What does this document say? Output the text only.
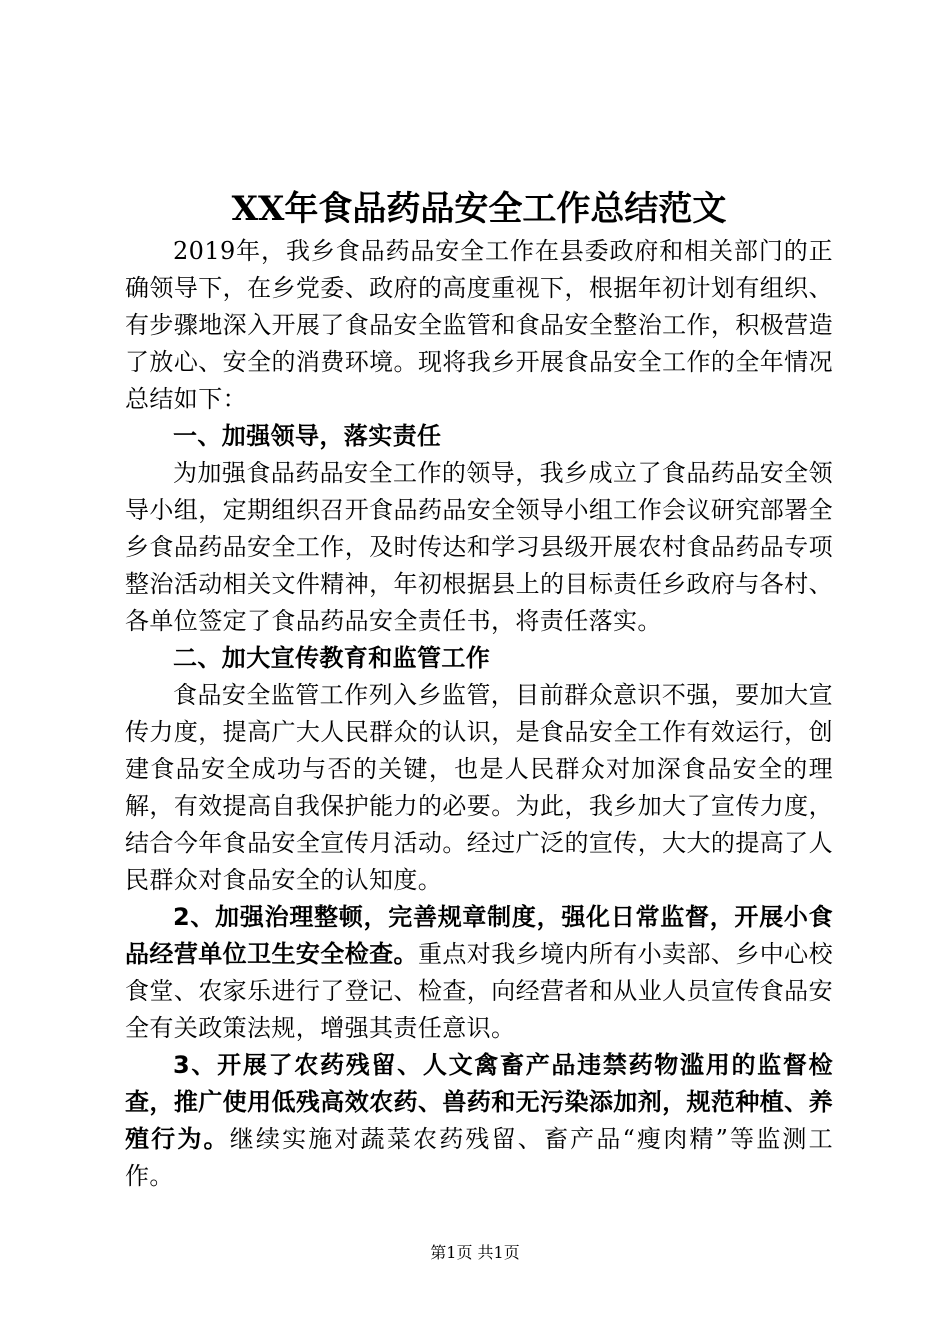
XX年食品药品安全工作总结范文

2019年，我乡食品药品安全工作在县委政府和相关部门的正确领导下，在乡党委、政府的高度重视下，根据年初计划有组织、有步骤地深入开展了食品安全监管和食品安全整治工作，积极营造了放心、安全的消费环境。现将我乡开展食品安全工作的全年情况总结如下：

一、加强领导，落实责任

为加强食品药品安全工作的领导，我乡成立了食品药品安全领导小组，定期组织召开食品药品安全领导小组工作会议研究部署全乡食品药品安全工作，及时传达和学习县级开展农村食品药品专项整治活动相关文件精神，年初根据县上的目标责任乡政府与各村、各单位签定了食品药品安全责任书，将责任落实。

二、加大宣传教育和监管工作

食品安全监管工作列入乡监管，目前群众意识不强，要加大宣传力度，提高广大人民群众的认识，是食品安全工作有效运行，创建食品安全成功与否的关键，也是人民群众对加深食品安全的理解，有效提高自我保护能力的必要。为此，我乡加大了宣传力度，结合今年食品安全宣传月活动。经过广泛的宣传，大大的提高了人民群众对食品安全的认知度。

2、加强治理整顿，完善规章制度，强化日常监督，开展小食品经营单位卫生安全检查。重点对我乡境内所有小卖部、乡中心校食堂、农家乐进行了登记、检查，向经营者和从业人员宣传食品安全有关政策法规，增强其责任意识。

3、开展了农药残留、人文禽畜产品违禁药物滥用的监督检查，推广使用低残高效农药、兽药和无污染添加剂，规范种植、养殖行为。继续实施对蔬菜农药残留、畜产品“瘦肉精”等监测工作。

第1页 共1页
